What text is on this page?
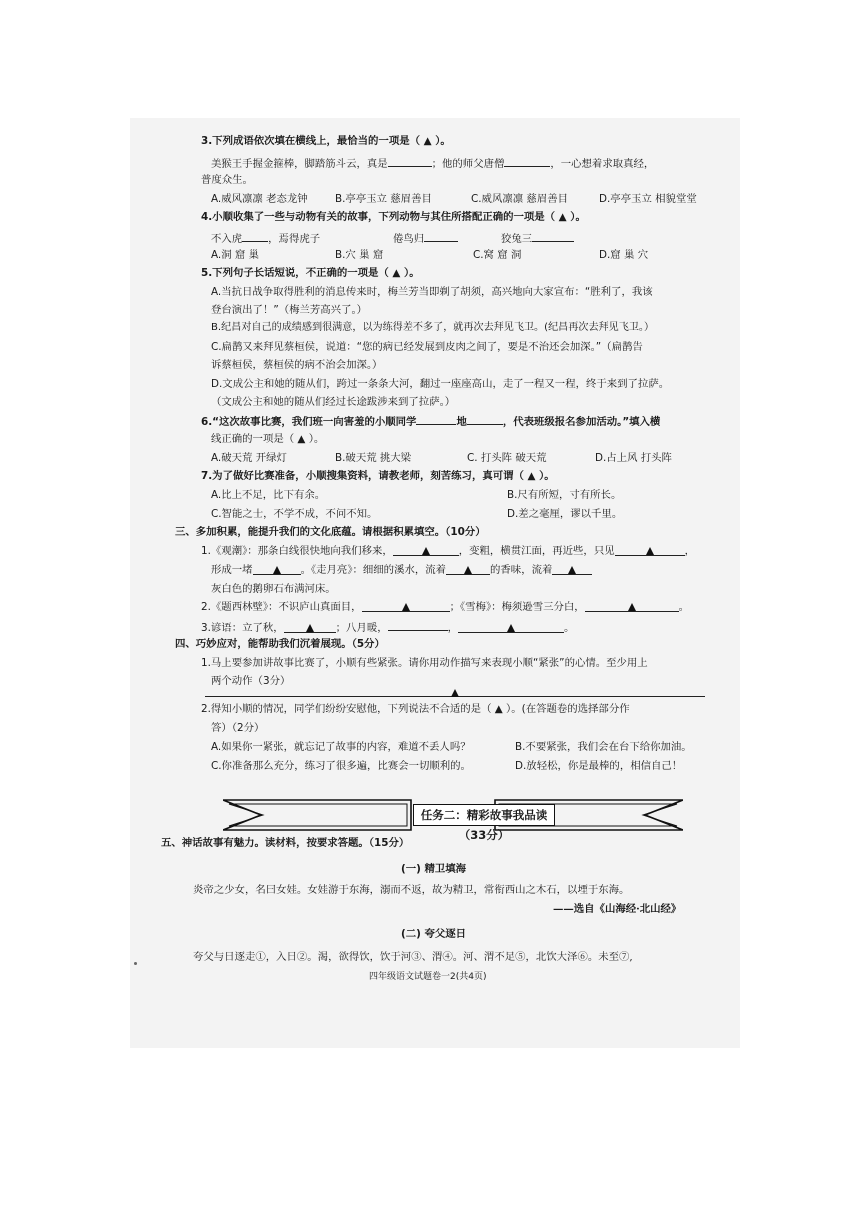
3.下列成语依次填在横线上，最恰当的一项是（ ▲ ）。
美猴王手握金箍棒，脚踏筋斗云，真是	；他的师父唐僧	，一心想着求取真经，
普度众生。
A.威风凛凛 老态龙钟	B.亭亭玉立 慈眉善目	C.威风凛凛 慈眉善目	D.亭亭玉立 相貌堂堂
4.小顺收集了一些与动物有关的故事，下列动物与其住所搭配正确的一项是（ ▲ ）。
不入虎	，焉得虎子	倦鸟归	狡兔三
A.洞 窟 巢	B.穴 巢 窟	C.窝 窟 洞	D.窟 巢 穴
5.下列句子长话短说，不正确的一项是（ ▲ ）。
A.当抗日战争取得胜利的消息传来时，梅兰芳当即剃了胡须，高兴地向大家宣布：“胜利了，我该
登台演出了！”（梅兰芳高兴了。）
B.纪昌对自己的成绩感到很满意，以为练得差不多了，就再次去拜见飞卫。(纪昌再次去拜见飞卫。）
C.扁鹊又来拜见蔡桓侯，说道：“您的病已经发展到皮肉之间了，要是不治还会加深。”（扁鹊告
诉蔡桓侯，蔡桓侯的病不治会加深。）
D.文成公主和她的随从们，跨过一条条大河，翻过一座座高山，走了一程又一程，终于来到了拉萨。
（文成公主和她的随从们经过长途跋涉来到了拉萨。）
6.“这次故事比赛，我们班一向害羞的小顺同学	地	，代表班级报名参加活动。”填入横
线正确的一项是（ ▲ ）。
A.破天荒 开绿灯	B.破天荒 挑大梁	C. 打头阵 破天荒	D.占上风 打头阵
7.为了做好比赛准备，小顺搜集资料，请教老师，刻苦练习，真可谓（ ▲ ）。
A.比上不足，比下有余。	B.尺有所短，寸有所长。
C.智能之士，不学不成，不问不知。	D.差之毫厘，谬以千里。
三、多加积累，能提升我们的文化底蕴。请根据积累填空。（10分）
1.《观潮》：那条白线很快地向我们移来，	，变粗，横贯江面，再近些，只见	，
形成一堵	。《走月亮》：细细的溪水，流着	的香味，流着
灰白色的鹅卵石布满河床。
2.《题西林壁》：不识庐山真面目，	；《雪梅》：梅须逊雪三分白，	。
3.谚语：立了秋，	；八月暖，	，	。
四、巧妙应对，能帮助我们沉着展现。（5分）
1.马上要参加讲故事比赛了，小顺有些紧张。请你用动作描写来表现小顺“紧张”的心情。至少用上
两个动作（3分）
2.得知小顺的情况，同学们纷纷安慰他，下列说法不合适的是（ ▲ ）。(在答题卷的选择部分作
答）（2分）
A.如果你一紧张，就忘记了故事的内容，难道不丢人吗？	B.不要紧张，我们会在台下给你加油。
C.你准备那么充分，练习了很多遍，比赛会一切顺利的。	D.放轻松，你是最棒的，相信自己！
任务二：精彩故事我品读（33分）
五、神话故事有魅力。读材料，按要求答题。（15分）
(一) 精卫填海
炎帝之少女，名曰女娃。女娃游于东海，溺而不返，故为精卫，常衔西山之木石，以堙于东海。
——选自《山海经·北山经》
(二) 夸父逐日
夸父与日逐走①，入日②。渴，欲得饮，饮于河③、渭④。河、渭不足⑤，北饮大泽⑥。未至⑦,
四年级语文试题卷一2(共4页)
